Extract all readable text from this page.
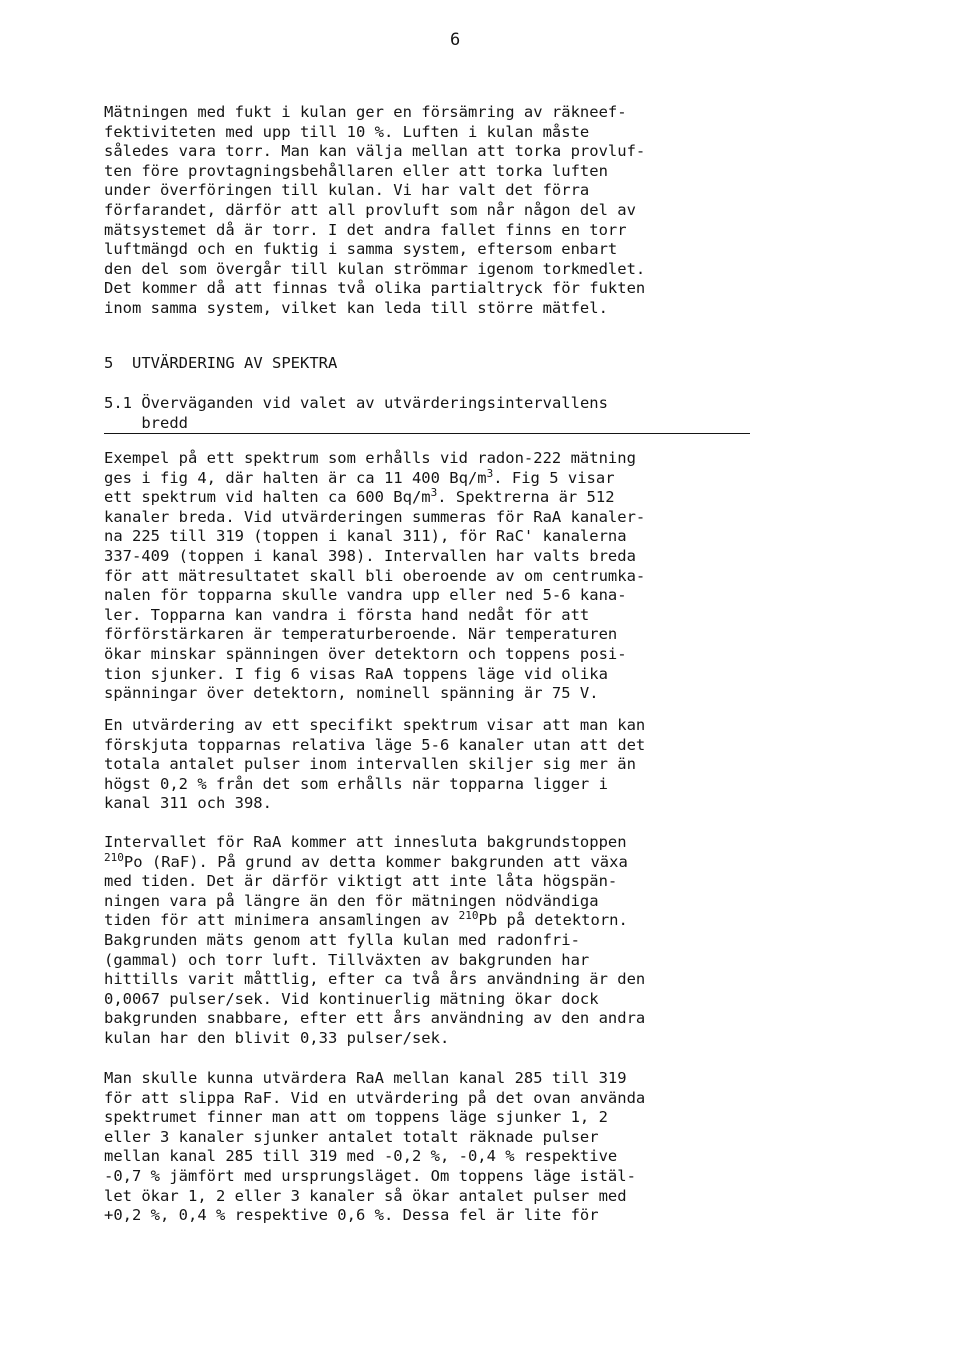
6
Mätningen med fukt i kulan ger en försämring av räkneef-
fektiviteten med upp till 10 %. Luften i kulan måste
således vara torr. Man kan välja mellan att torka provluf-
ten före provtagningsbehållaren eller att torka luften
under överföringen till kulan. Vi har valt det förra
förfarandet, därför att all provluft som når någon del av
mätsystemet då är torr. I det andra fallet finns en torr
luftmängd och en fuktig i samma system, eftersom enbart
den del som övergår till kulan strömmar igenom torkmedlet.
Det kommer då att finnas två olika partialtryck för fukten
inom samma system, vilket kan leda till större mätfel.
5 UTVÄRDERING AV SPEKTRA
5.1 Överväganden vid valet av utvärderingsintervallens
bredd
Exempel på ett spektrum som erhålls vid radon-222 mätning
ges i fig 4, där halten är ca 11 400 $Bq/m^3$. Fig 5 visar
ett spektrum vid halten ca 600 $Bq/m^3$. Spektrerna är 512
kanaler breda. Vid utvärderingen summeras för RaA kanaler-
na 225 till 319 (toppen i kanal 311), för RaC' kanalerna
337-409 (toppen i kanal 398). Intervallen har valts breda
för att mätresultatet skall bli oberoende av om centrumka-
nalen för topparna skulle vandra upp eller ned 5-6 kana-
ler. Topparna kan vandra i första hand nedåt för att
förförstärkaren är temperaturberoende. När temperaturen
ökar minskar spänningen över detektorn och toppens posi-
tion sjunker. I fig 6 visas RaA toppens läge vid olika
spänningar över detektorn, nominell spänning är 75 V.
En utvärdering av ett specifikt spektrum visar att man kan
förskjuta topparnas relativa läge 5-6 kanaler utan att det
totala antalet pulser inom intervallen skiljer sig mer än
högst 0,2 % från det som erhålls när topparna ligger i
kanal 311 och 398.
Intervallet för RaA kommer att innesluta bakgrundstoppen
$^{210}$Po (RaF). På grund av detta kommer bakgrunden att växa
med tiden. Det är därför viktigt att inte låta högspän-
ningen vara på längre än den för mätningen nödvändiga
tiden för att minimera ansamlingen av $^{210}$Pb på detektorn.
Bakgrunden mäts genom att fylla kulan med radonfri-
(gammal) och torr luft. Tillväxten av bakgrunden har
hittills varit måttlig, efter ca två års användning är den
0,0067 pulser/sek. Vid kontinuerlig mätning ökar dock
bakgrunden snabbare, efter ett års användning av den andra
kulan har den blivit 0,33 pulser/sek.
Man skulle kunna utvärdera RaA mellan kanal 285 till 319
för att slippa RaF. Vid en utvärdering på det ovan använda
spektrumet finner man att om toppens läge sjunker 1, 2
eller 3 kanaler sjunker antalet totalt räknade pulser
mellan kanal 285 till 319 med -0,2 %, -0,4 % respektive
-0,7 % jämfört med ursprungsläget. Om toppens läge istäl-
let ökar 1, 2 eller 3 kanaler så ökar antalet pulser med
+0,2 %, 0,4 % respektive 0,6 %. Dessa fel är lite för
